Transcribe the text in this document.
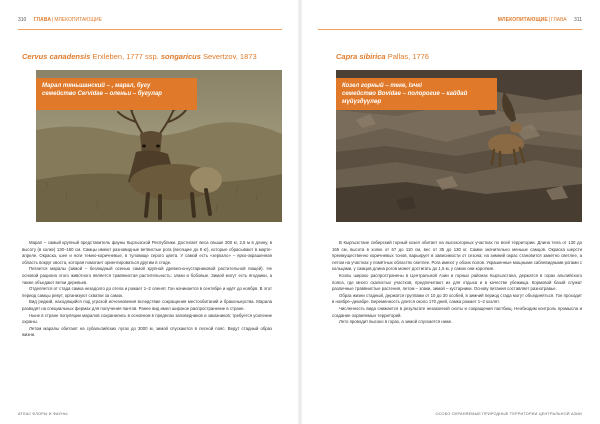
310 ГЛАВА|МЛЕКОПИТАЮЩИЕ
Cervus canadensis Erxleben, 1777 ssp. songaricus Severtzov, 1873
Марал тяньшанский – , марал, бугу
семейство Cervidae – оленьи – бугулар

Марал – самый крупный представитель фауны Кыргызской Республики. Достигает веса свыше 300 кг, 2,5 м в длину, в высоту (в холке) 130–160 см. Самцы имеют разновидные ветвистые рога (весящие до 8 кг), которые сбрасывают в марте-апреле. Окраска, шее и ноги темно-коричневые, в туловище серого цвета. У самой есть «зеркало» – ярко-окрашенная область вокруг хвоста, которая помогает ориентироваться другим в стаде.

Питается маралы (зимой – безлюдный осенью самой крупной древесно-кустарниковой растительной пищей). Не основой рациона этого животного является травянистая растительность: злаки и бобовые. Зимой могут есть ягодники, а также объедают ветки деревьев.

Отделяется от стада самка незадолго до отела и рожает 1–2 оленят. Гон начинается в сентябре и идёт до ноября. В этот период самцы ревут, организуют схватки за самок.

Вид редкий, находящийся под угрозой исчезновения вследствие сокращения местообитаний и браконьерства. Марала разводят на специальных фермах для получения пантов. Ранее вид имел широкое распространение в стране.

Ныне в стране популяции маралов сохранились в основном в пределах заповедников и заказников; требуется усиление охраны.

Летом маралы обитают на субальпийских лугах до 3000 м, зимой спускаются в лесной пояс. Ведут стадный образ жизни.

АТЛАС ФЛОРЫ И ФАУНЫ
МЛЕКОПИТАЮЩИЕ|ГЛАВА 311
Capra sibirica Pallas, 1776
Козел горный – теке, Іэчкі
семейство Bovidae – полорогие – кайдай мүйүздүүлөр

В Кыргызстане сибирский горный козел обитает на высокогорных участках по всей территории. Длина тела от 130 до 165 см, высота в холке от 67 до 110 см, вес от 35 до 130 кг. Самки значительно меньше самцов. Окраска шерсти преимущественно коричневых тонов, варьирует в зависимости от сезона: на зимний окрас становится заметно светлее, а летом на участках у помётных областях светлее. Рога имеют у обоих полов. Украшенные мощными саблевидными рогами с кольцами, у самцов длина рогов может достигать до 1,5 м, у самок они короткие.

Козлы широко распространены в Центральной Азии и горных районах Кыргызстана, держатся в горах альпийского пояса, где много скалистых участков, предпочитают их для отдыха и в качестве убежища. Кормовой базой служат различные травянистые растения, летом – злаки, зимой – кустарники. Основу питания составляет разнотравье.

Образ жизни стадный, держатся группами от 10 до 30 особей, в зимний период стада могут объединяться. Гон проходит в ноябре–декабре. Беременность длится около 170 дней, самка рожает 1–2 козлят.

Численность вида снижается в результате незаконной охоты и сокращения пастбищ. Необходим контроль промысла и создание охраняемых территорий.

Лето проводит высоко в горах, а зимой спускается ниже.

ОСОБО ОХРАНЯЕМЫЕ ПРИРОДНЫЕ ТЕРРИТОРИИ ЦЕНТРАЛЬНОЙ АЗИИ
